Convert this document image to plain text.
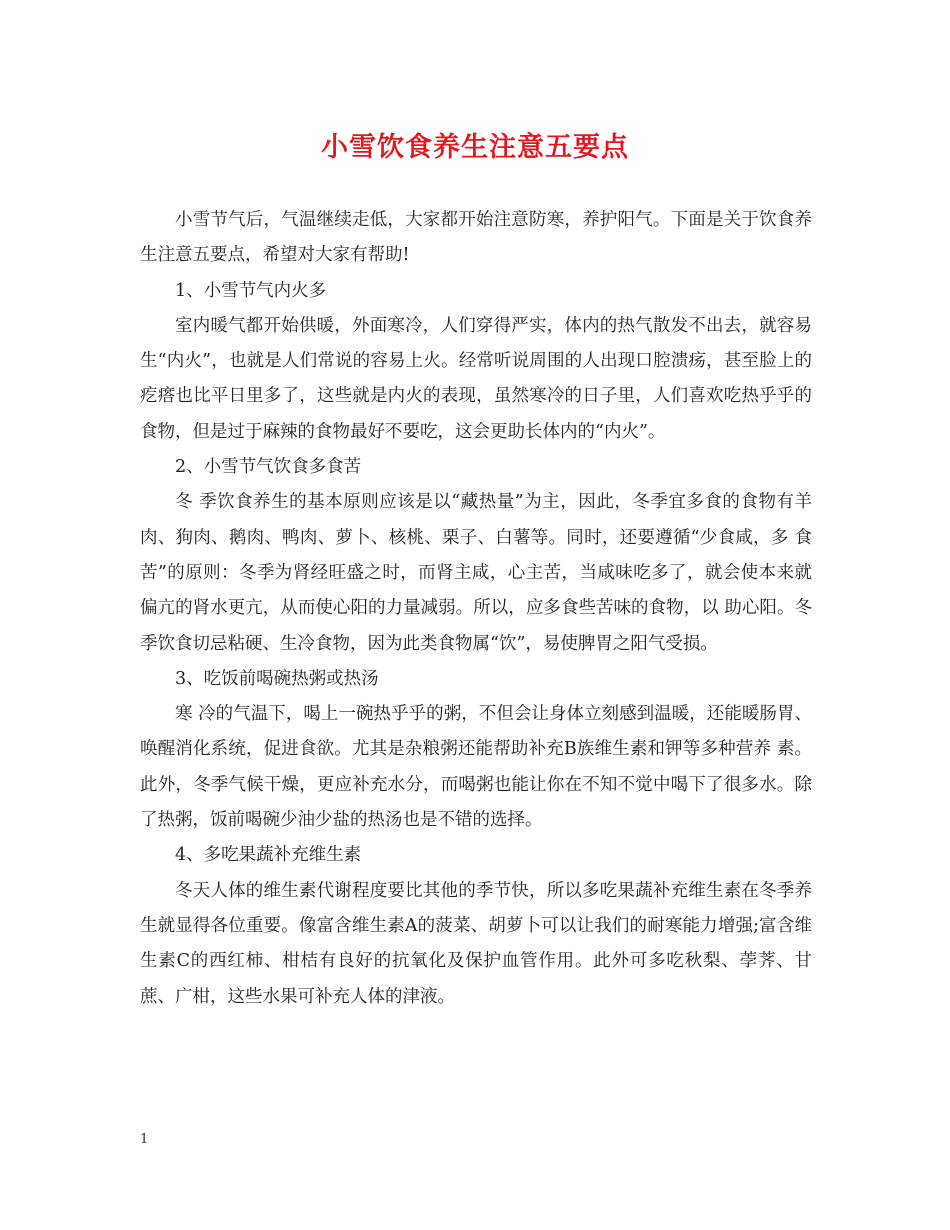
小雪饮食养生注意五要点

小雪节气后，气温继续走低，大家都开始注意防寒，养护阳气。下面是关于饮食养生注意五要点，希望对大家有帮助!

1、小雪节气内火多

室内暖气都开始供暖，外面寒冷，人们穿得严实，体内的热气散发不出去，就容易生“内火”，也就是人们常说的容易上火。经常听说周围的人出现口腔溃疡，甚至脸上的疙瘩也比平日里多了，这些就是内火的表现，虽然寒冷的日子里，人们喜欢吃热乎乎的食物，但是过于麻辣的食物最好不要吃，这会更助长体内的“内火”。

2、小雪节气饮食多食苦

冬 季饮食养生的基本原则应该是以“藏热量”为主，因此，冬季宜多食的食物有羊肉、狗肉、鹅肉、鸭肉、萝卜、核桃、栗子、白薯等。同时，还要遵循“少食咸，多 食苦”的原则：冬季为肾经旺盛之时，而肾主咸，心主苦，当咸味吃多了，就会使本来就偏亢的肾水更亢，从而使心阳的力量减弱。所以，应多食些苦味的食物，以 助心阳。冬季饮食切忌粘硬、生冷食物，因为此类食物属“饮”，易使脾胃之阳气受损。

3、吃饭前喝碗热粥或热汤

寒 冷的气温下，喝上一碗热乎乎的粥，不但会让身体立刻感到温暖，还能暖肠胃、唤醒消化系统，促进食欲。尤其是杂粮粥还能帮助补充B族维生素和钾等多种营养 素。此外，冬季气候干燥，更应补充水分，而喝粥也能让你在不知不觉中喝下了很多水。除了热粥，饭前喝碗少油少盐的热汤也是不错的选择。

4、多吃果蔬补充维生素

冬天人体的维生素代谢程度要比其他的季节快，所以多吃果蔬补充维生素在冬季养生就显得各位重要。像富含维生素A的菠菜、胡萝卜可以让我们的耐寒能力增强;富含维生素C的西红柿、柑桔有良好的抗氧化及保护血管作用。此外可多吃秋梨、荸荠、甘蔗、广柑，这些水果可补充人体的津液。

1
